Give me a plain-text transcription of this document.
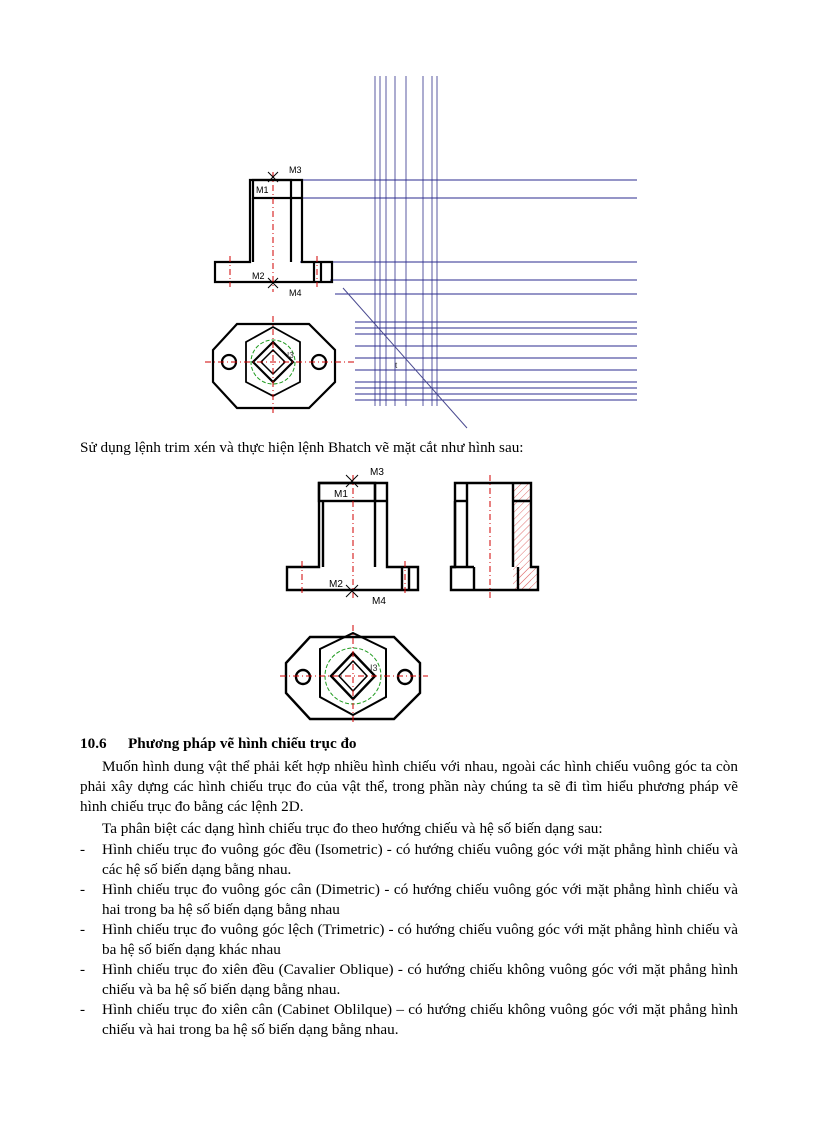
t
M3
M1
M2
M4
I3
Sử dụng lệnh trim xén và thực hiện lệnh Bhatch vẽ mặt cắt như hình sau:
M3
M1
M2
M4
I3
10.6 Phương pháp vẽ hình chiếu trục đo
Muốn hình dung vật thể phải kết hợp nhiều hình chiếu với nhau, ngoài các hình chiếu vuông góc ta còn phải xây dựng các hình chiếu trục đo của vật thể, trong phần này chúng ta sẽ đi tìm hiểu phương pháp vẽ hình chiếu trục đo bằng các lệnh 2D.
Ta phân biệt các dạng hình chiếu trục đo theo hướng chiếu và hệ số biến dạng sau:
- Hình chiếu trục đo vuông góc đều (Isometric) - có hướng chiếu vuông góc với mặt phẳng hình chiếu và các hệ số biến dạng bằng nhau.
- Hình chiếu trục đo vuông góc cân (Dimetric) - có hướng chiếu vuông góc với mặt phẳng hình chiếu và hai trong ba hệ số biến dạng bằng nhau
- Hình chiếu trục đo vuông góc lệch (Trimetric) - có hướng chiếu vuông góc với mặt phẳng hình chiếu và ba hệ số biến dạng khác nhau
- Hình chiếu trục đo xiên đều (Cavalier Oblique) - có hướng chiếu không vuông góc với mặt phẳng hình chiếu và ba hệ số biến dạng bằng nhau.
- Hình chiếu trục đo xiên cân (Cabinet Oblilque) – có hướng chiếu không vuông góc với mặt phẳng hình chiếu và hai trong ba hệ số biến dạng bằng nhau.
